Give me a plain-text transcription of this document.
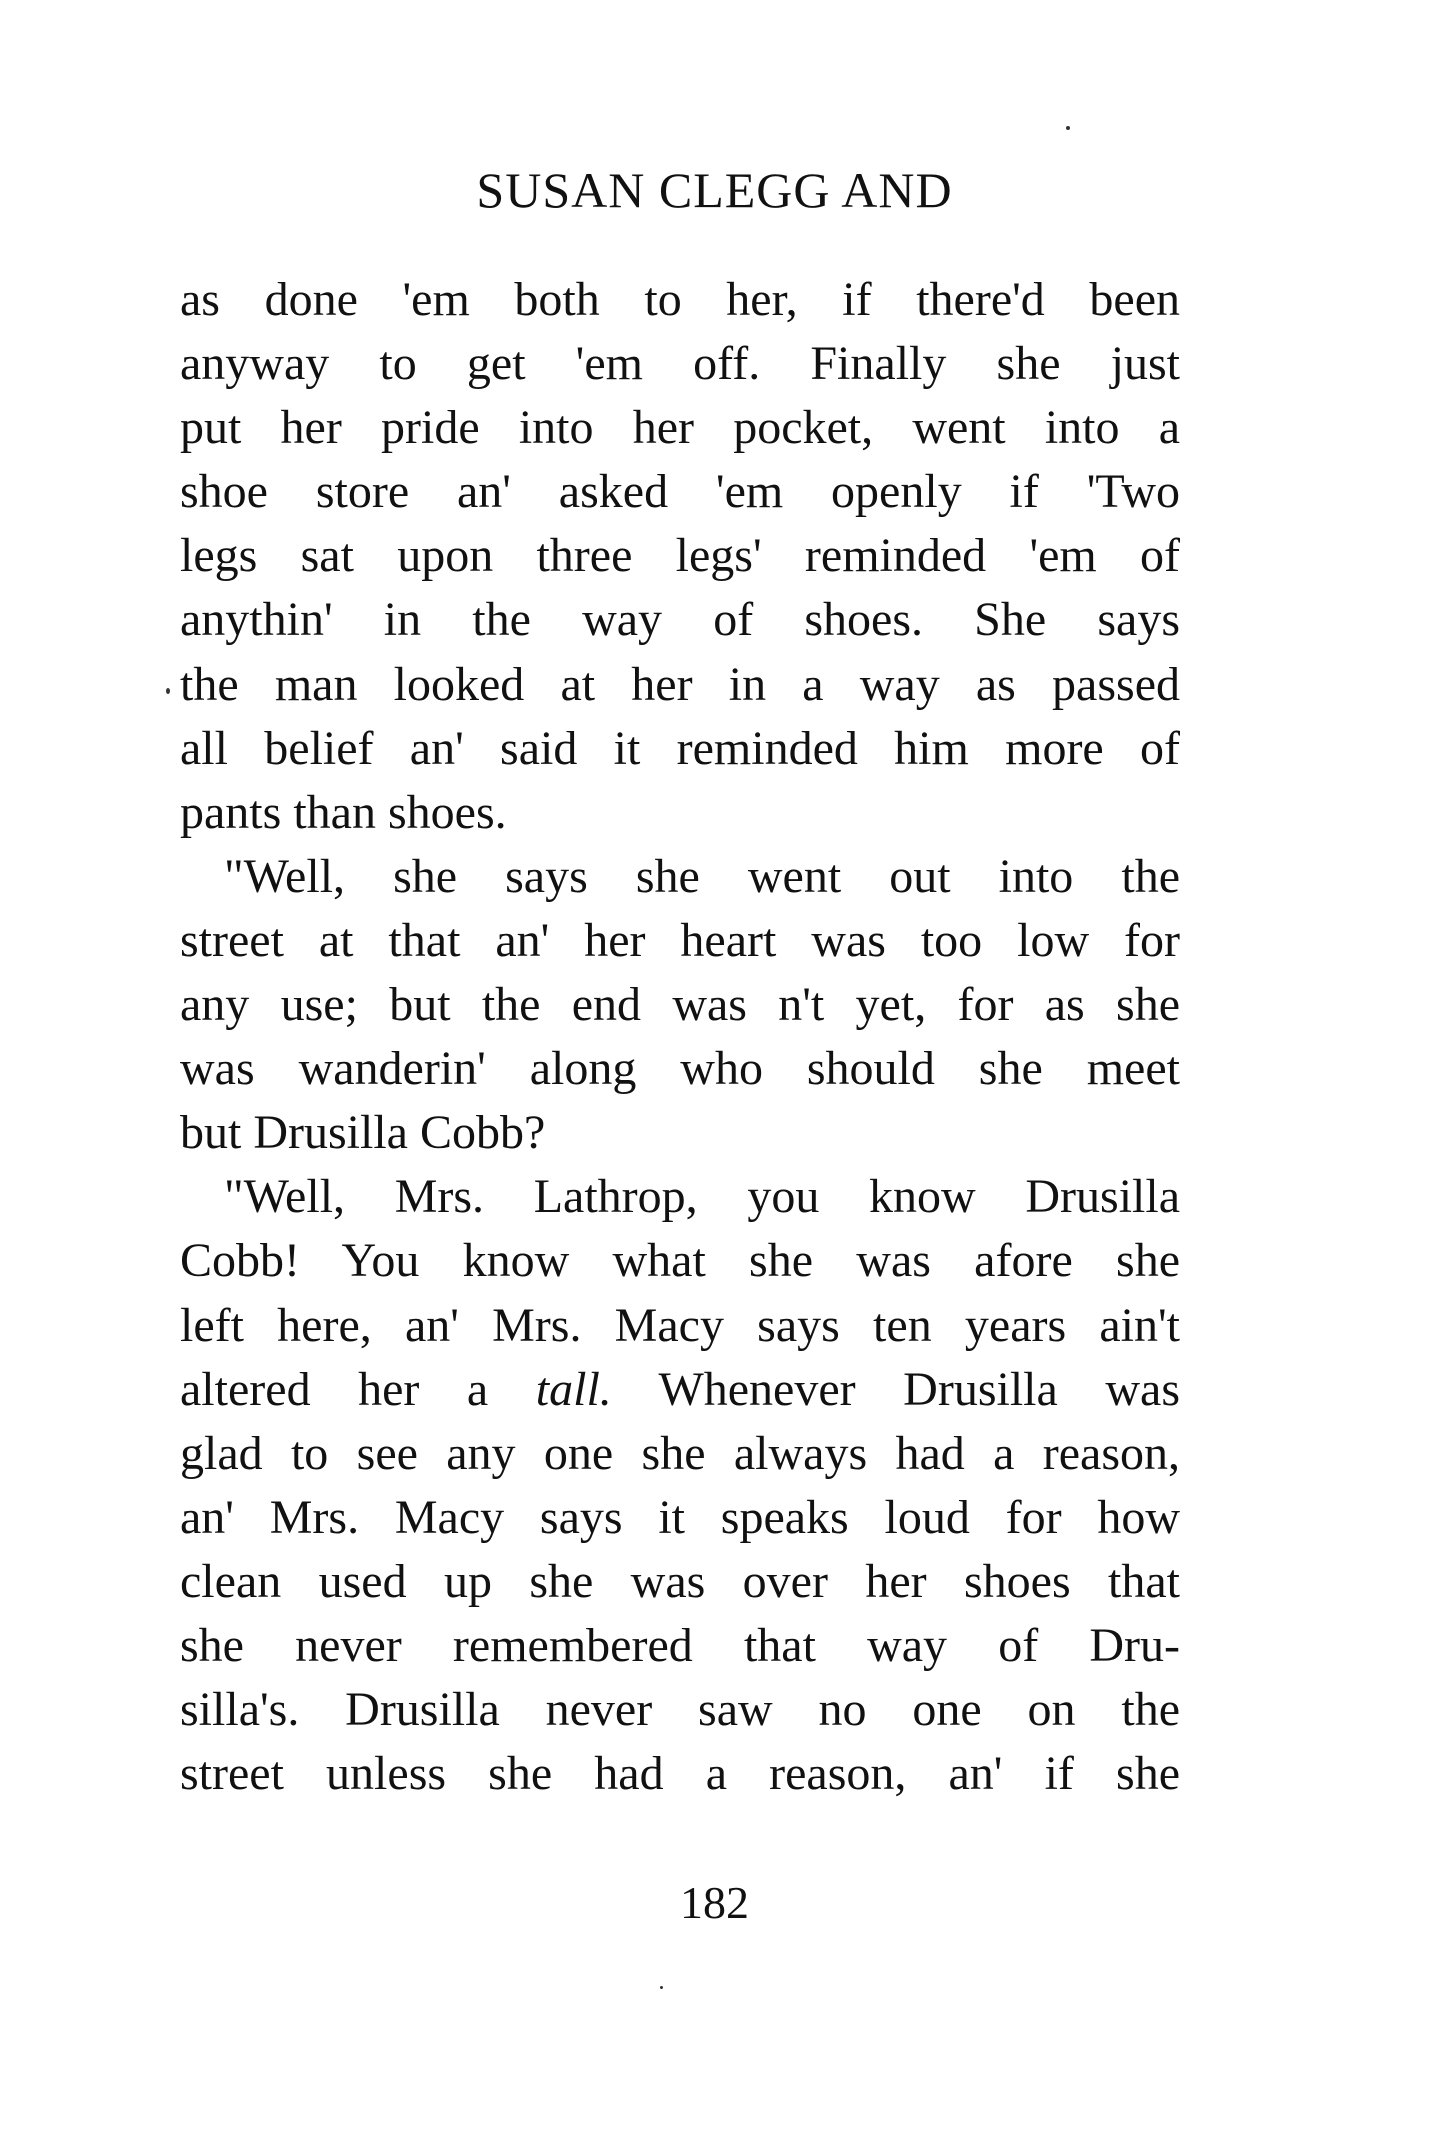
SUSAN CLEGG AND
as done 'em both to her, if there'd been
anyway to get 'em off. Finally she just
put her pride into her pocket, went into a
shoe store an' asked 'em openly if 'Two
legs sat upon three legs' reminded 'em of
anythin' in the way of shoes. She says
the man looked at her in a way as passed
all belief an' said it reminded him more of
pants than shoes.
"Well, she says she went out into the
street at that an' her heart was too low for
any use; but the end was n't yet, for as she
was wanderin' along who should she meet
but Drusilla Cobb?
"Well, Mrs. Lathrop, you know Drusilla
Cobb! You know what she was afore she
left here, an' Mrs. Macy says ten years ain't
altered her a tall. Whenever Drusilla was
glad to see any one she always had a reason,
an' Mrs. Macy says it speaks loud for how
clean used up she was over her shoes that
she never remembered that way of Dru-
silla's. Drusilla never saw no one on the
street unless she had a reason, an' if she
182
